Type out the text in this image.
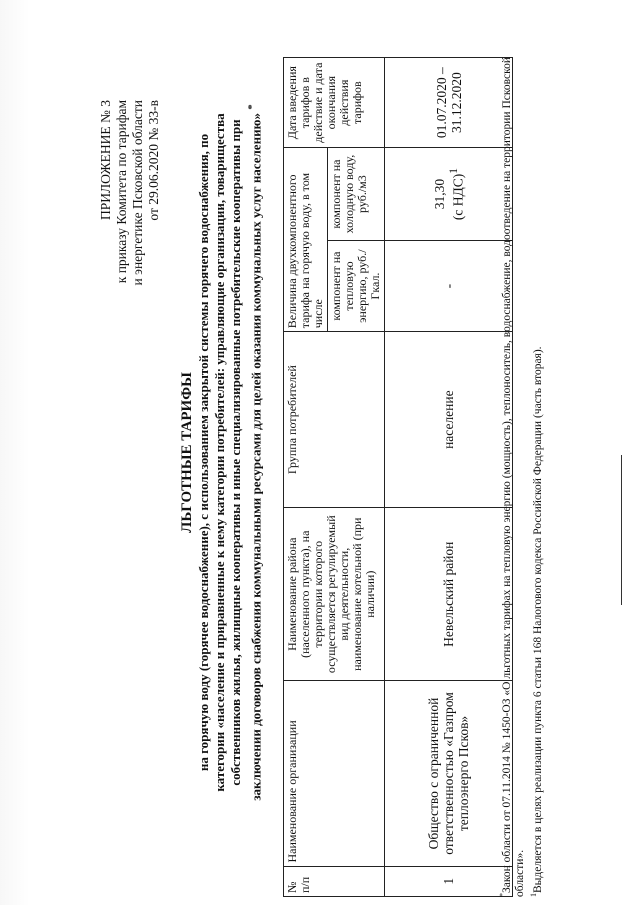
ПРИЛОЖЕНИЕ № 3 к приказу Комитета по тарифам и энергетике Псковской области от 29.06.2020 № 33-в
ЛЬГОТНЫЕ ТАРИФЫ на горячую воду (горячее водоснабжение), с использованием закрытой системы горячего водоснабжения, по категории «население и приравненные к нему категории потребителей: управляющие организации, товарищества собственников жилья, жилищные кооперативы и иные специализированные потребительские кооперативы при заключении договоров снабжения коммунальными ресурсами для целей оказания коммунальных услуг населению» *
№ п/п	Наименование организации	Наименование района (населенного пункта), на территории которого осуществляется регулируемый вид деятельности, наименование котельной (при наличии)	Группа потребителей	Величина двухкомпонентного тарифа на горячую воду, в том числе		Дата введения тарифов в действие и дата окончания действия тарифов
				компонент на тепловую энергию, руб./Гкал.	компонент на холодную воду, руб./м3	
1	Общество с ограниченной ответственностью «Газпром теплоэнерго Псков»	Невельский район	население	-	31,30 (с НДС)$^1$	01.07.2020 – 31.12.2020

*Закон области от 07.11.2014 № 1450-ОЗ «О льготных тарифах на тепловую энергию (мощность), теплоноситель, водоснабжение, водоотведение на территории Псковской области». $^1$Выделяется в целях реализации пункта 6 статьи 168 Налогового кодекса Российской Федерации (часть вторая).
